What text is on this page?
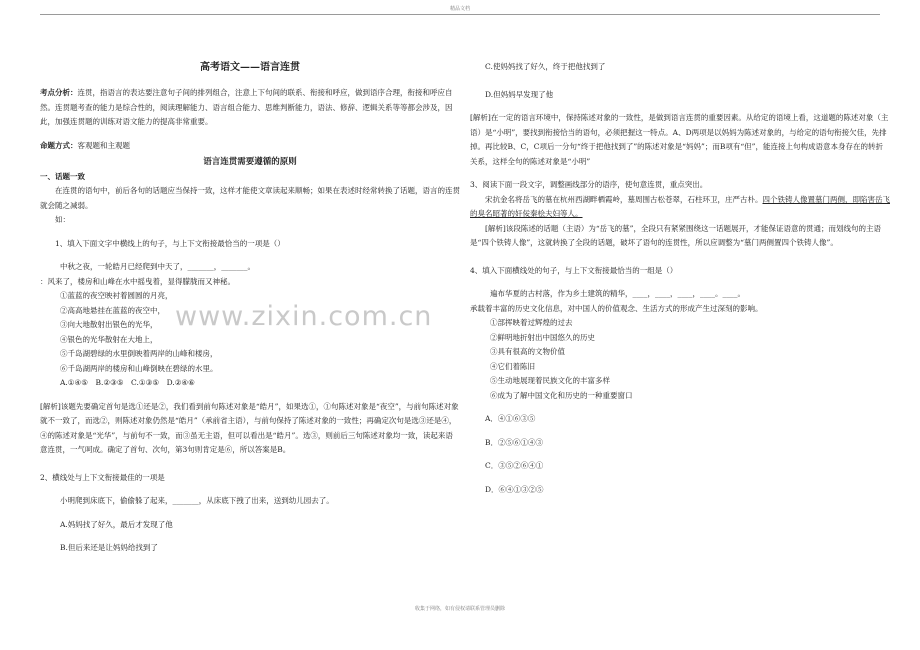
精品文档
www.zixin.com.cn

高考语文——语言连贯

考点分析：连贯，指语言的表达要注意句子间的排列组合，注意上下句间的联系、衔接和呼应，做到语序合理，衔接和呼应自然。连贯题考查的能力是综合性的，阅读理解能力、语言组合能力、思维判断能力，语法、修辞、逻辑关系等等都会涉及，因此，加强连贯题的训练对语文能力的提高非常重要。

命题方式：客观题和主观题

语言连贯需要遵循的原则

一、话题一致

在连贯的语句中，前后各句的话题应当保持一致，这样才能使文章读起来顺畅；如果在表述时经常转换了话题，语言的连贯就会随之减弱。

如：

1、填入下面文字中横线上的句子，与上下文衔接最恰当的一项是（）

中秋之夜，一轮皓月已经爬到中天了，_______，_______。

：风来了，楼房和山峰在水中摇曳着，显得朦胧而又神秘。

①蓝蓝的夜空映衬着圆圆的月亮，

②高高地悬挂在蓝蓝的夜空中，

③向大地散射出银色的光华，

④银色的光华散射在大地上，

⑤千岛湖碧绿的水里倒映着两岸的山峰和楼房，

⑥千岛湖两岸的楼房和山峰倒映在碧绿的水里。

A.①④⑤　B.②③⑤　C.①③⑤　D.②④⑥

[解析]该题先要确定首句是选①还是②，我们看到前句陈述对象是“皓月”，如果选①，①句陈述对象是“夜空”，与前句陈述对象就不一致了，而选②，则陈述对象仍然是“皓月”（承前省主语），与前句保持了陈述对象的一致性；再确定次句是选③还是④，④的陈述对象是“光华”，与前句不一致，而③虽无主语，但可以看出是“皓月”。选③，则前后三句陈述对象均一致，读起来语意连贯，一气呵成。确定了首句、次句，第3句则肯定是⑥，所以答案是B。

2、横线处与上下文衔接最佳的一项是

小明爬到床底下，偷偷躲了起来，_______，从床底下拽了出来，送到幼儿园去了。

A.妈妈找了好久，最后才发现了他

B.但后来还是让妈妈给找到了

C.使妈妈找了好久，终于把他找到了

D.但妈妈早发现了他

[解析]在一定的语言环境中，保持陈述对象的一致性，是做到语言连贯的重要因素。从给定的语境上看，这道题的陈述对象（主语）是“小明”，要找到衔接恰当的语句，必须把握这一特点。A、D两项是以妈妈为陈述对象的，与给定的语句衔接欠佳，先排掉。再比较B、C，C项后一分句“终于把他找到了”的陈述对象是“妈妈”；而B项有“但”，能连接上句构成语意本身存在的转折关系，这样全句的陈述对象是“小明”

3、阅读下面一段文字，调整画线部分的语序，使句意连贯，重点突出。

宋抗金名将岳飞的墓在杭州西湖畔栖霞岭，墓周围古松苍翠，石柱环卫，庄严古朴。四个铁铸人像置墓门两侧，即陷害岳飞的臭名昭著的奸佞秦桧夫妇等人。

[解析]该段陈述的话题（主语）为“岳飞的墓”，全段只有紧紧围绕这一话题展开，才能保证语意的贯通；而划线句的主语是“四个铁铸人像”，这就转换了全段的话题，破坏了语句的连贯性，所以应调整为“墓门两侧置四个铁铸人像”。

4、填入下面横线处的句子，与上下文衔接最恰当的一组是（）

遍布华夏的古村落，作为乡土建筑的精华，____，____，____，____。____。

承载着丰富的历史文化信息，对中国人的价值观念、生活方式的形成产生过深刻的影响。

①部挥映着过辉煌的过去

②鲜明地折射出中国悠久的历史

③具有很高的文物价值

④它们着陈旧

⑤生动地展现着民族文化的丰富多样

⑥成为了解中国文化和历史的一种重要窗口

A．④①⑥③⑤

B．②⑤⑥①④③

C．③⑤②⑥④①

D．⑥④①③②⑤

收集于网络，如有侵权请联系管理员删除
